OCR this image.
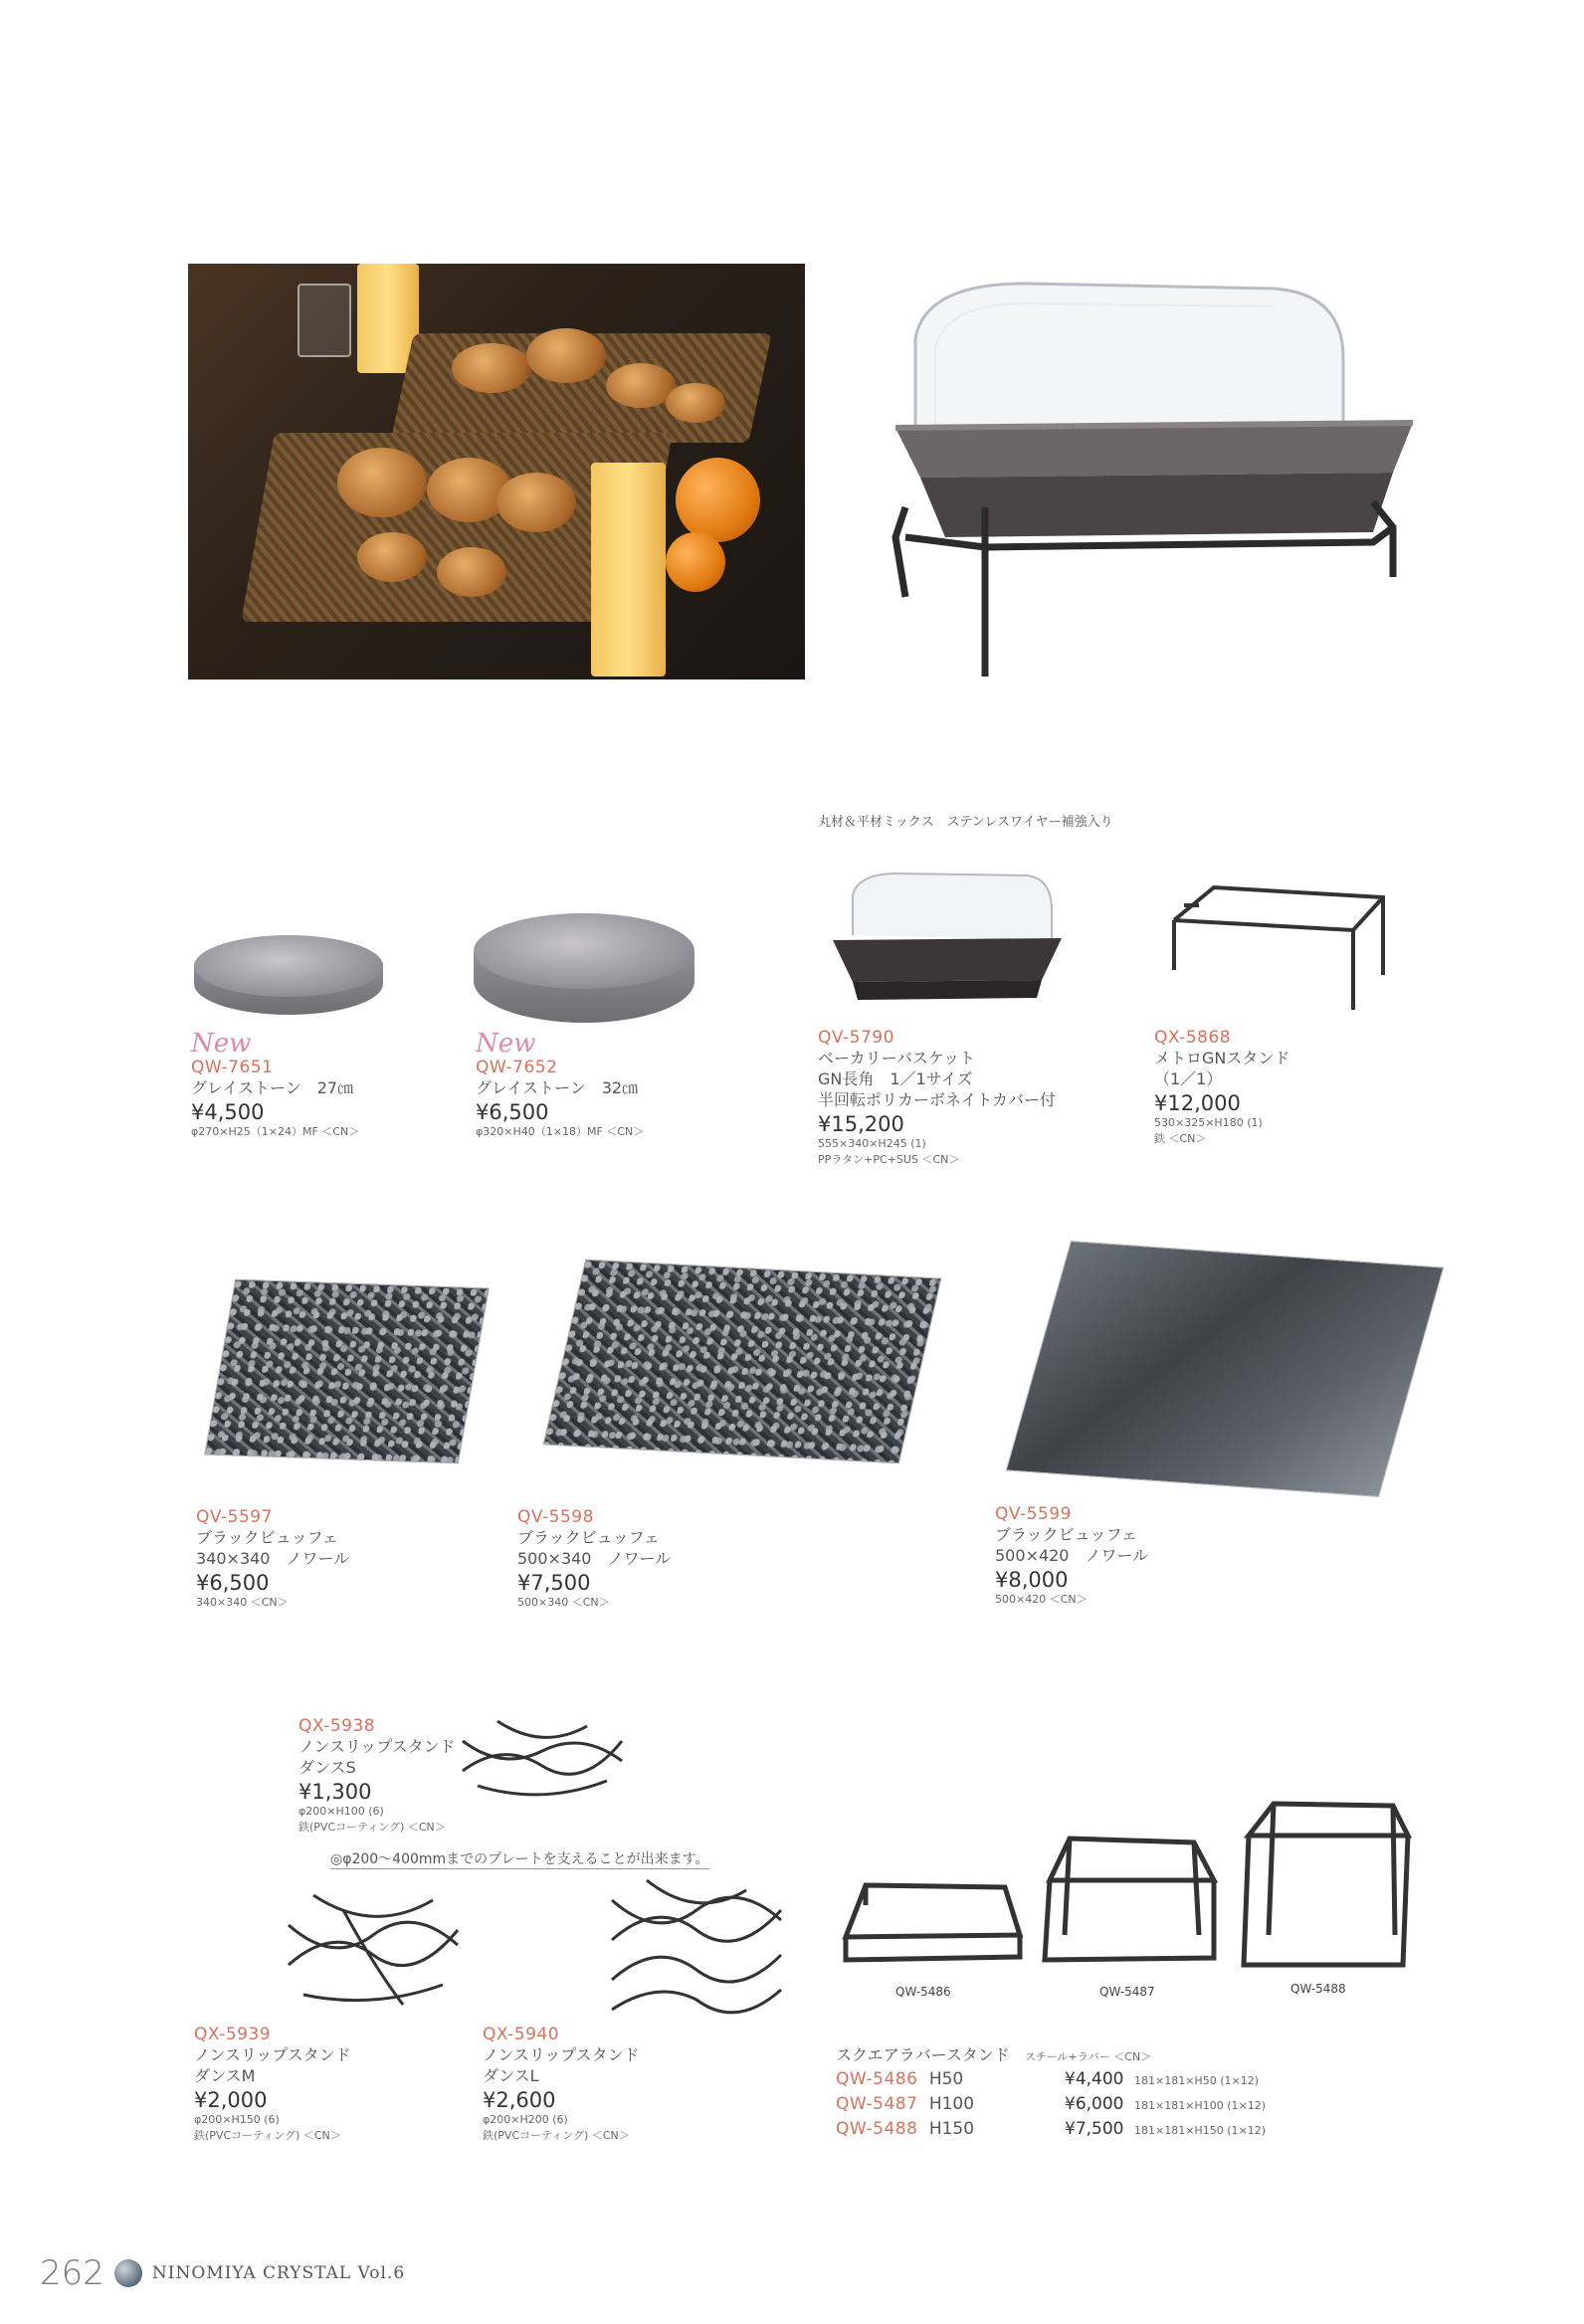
丸材＆平材ミックス　ステンレスワイヤー補強入り
New
QW-7651
グレイストーン　27㎝
¥4,500
φ270×H25（1×24）MF ＜CN＞
New
QW-7652
グレイストーン　32㎝
¥6,500
φ320×H40（1×18）MF ＜CN＞
QV-5790
ベーカリーバスケット
GN長角　1／1サイズ
半回転ポリカーボネイトカバー付
¥15,200
555×340×H245 (1)
PPラタン+PC+SUS ＜CN＞
QX-5868
メトロGNスタンド
（1／1）
¥12,000
530×325×H180 (1)
鉄 ＜CN＞
QV-5597
ブラックビュッフェ
340×340　ノワール
¥6,500
340×340 ＜CN＞
QV-5598
ブラックビュッフェ
500×340　ノワール
¥7,500
500×340 ＜CN＞
QV-5599
ブラックビュッフェ
500×420　ノワール
¥8,000
500×420 ＜CN＞
QX-5938
ノンスリップスタンド
ダンスS
¥1,300
φ200×H100 (6)
鉄(PVCコーティング) ＜CN＞
◎φ200〜400mmまでのプレートを支えることが出来ます。
QX-5939
ノンスリップスタンド
ダンスM
¥2,000
φ200×H150 (6)
鉄(PVCコーティング) ＜CN＞
QX-5940
ノンスリップスタンド
ダンスL
¥2,600
φ200×H200 (6)
鉄(PVCコーティング) ＜CN＞
QW-5486	QW-5487	QW-5488
スクエアラバースタンド スチール+ラバー ＜CN＞
QW-5486 H50	¥4,400 181×181×H50 (1×12)
QW-5487 H100	¥6,000 181×181×H100 (1×12)
QW-5488 H150	¥7,500 181×181×H150 (1×12)
262	NINOMIYA CRYSTAL Vol.6
